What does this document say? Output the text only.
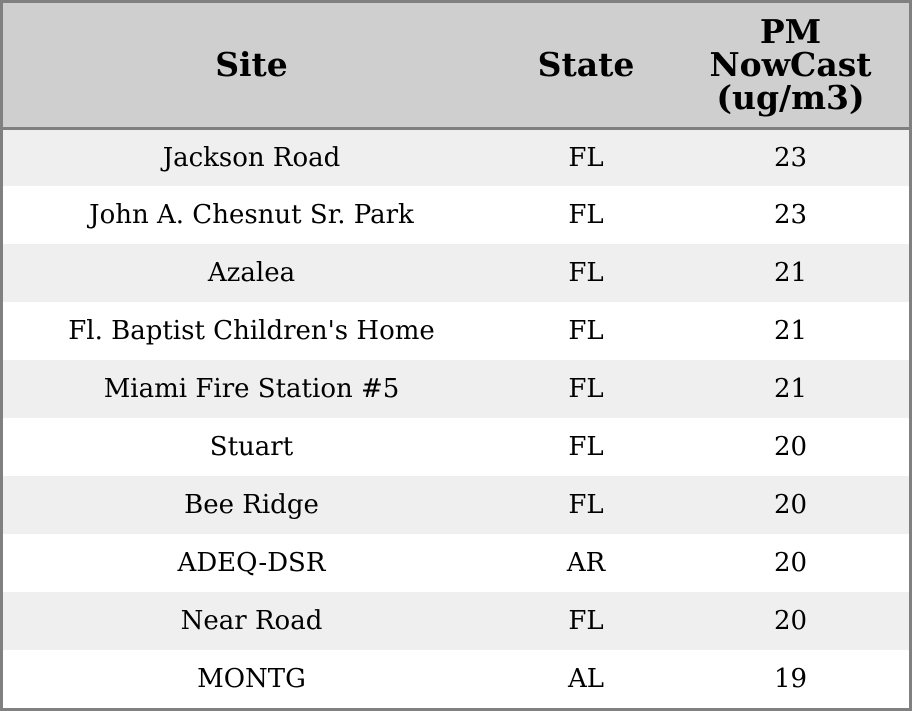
Site	State	PM
NowCast
(ug/m3)

Jackson Road	FL	23
John A. Chesnut Sr. Park	FL	23
Azalea	FL	21
Fl. Baptist Children's Home	FL	21
Miami Fire Station #5	FL	21
Stuart	FL	20
Bee Ridge	FL	20
ADEQ-DSR	AR	20
Near Road	FL	20
MONTG	AL	19
